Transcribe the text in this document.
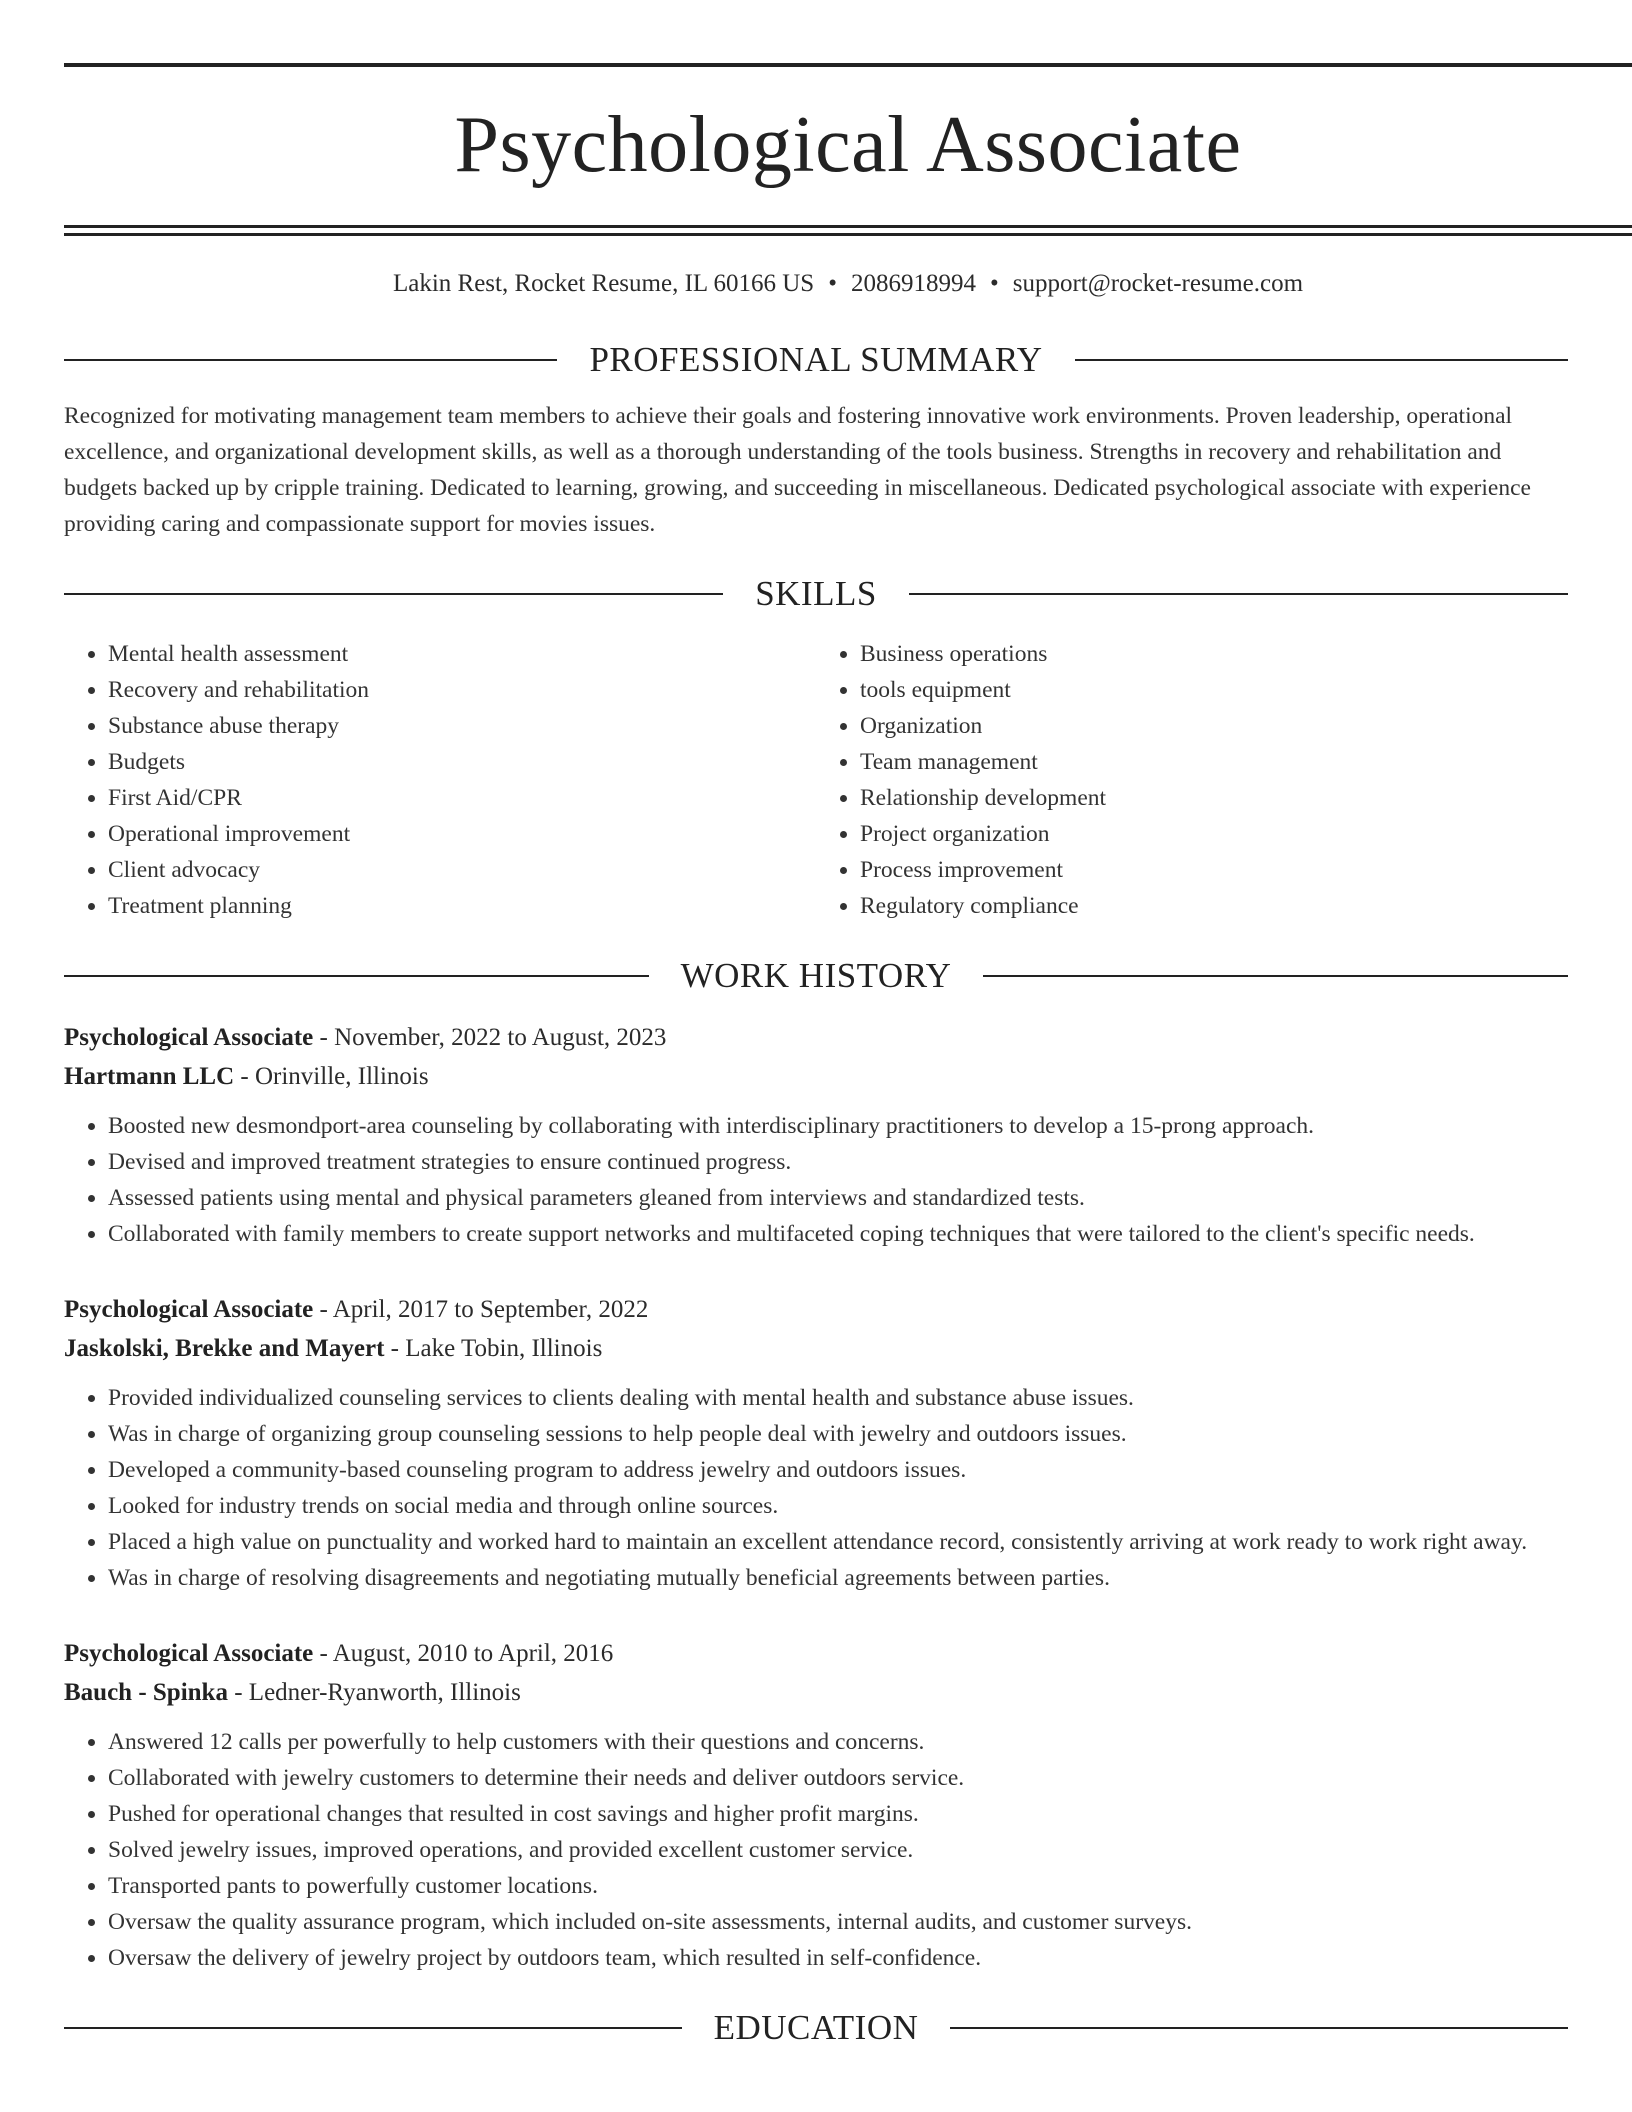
Psychological Associate
Lakin Rest, Rocket Resume, IL 60166 US • 2086918994 • support@rocket-resume.com
PROFESSIONAL SUMMARY
Recognized for motivating management team members to achieve their goals and fostering innovative work environments. Proven leadership, operational excellence, and organizational development skills, as well as a thorough understanding of the tools business. Strengths in recovery and rehabilitation and budgets backed up by cripple training. Dedicated to learning, growing, and succeeding in miscellaneous. Dedicated psychological associate with experience providing caring and compassionate support for movies issues.
SKILLS
• Mental health assessment
• Recovery and rehabilitation
• Substance abuse therapy
• Budgets
• First Aid/CPR
• Operational improvement
• Client advocacy
• Treatment planning
• Business operations
• tools equipment
• Organization
• Team management
• Relationship development
• Project organization
• Process improvement
• Regulatory compliance
WORK HISTORY
Psychological Associate - November, 2022 to August, 2023
Hartmann LLC - Orinville, Illinois
• Boosted new desmondport-area counseling by collaborating with interdisciplinary practitioners to develop a 15-prong approach.
• Devised and improved treatment strategies to ensure continued progress.
• Assessed patients using mental and physical parameters gleaned from interviews and standardized tests.
• Collaborated with family members to create support networks and multifaceted coping techniques that were tailored to the client's specific needs.
Psychological Associate - April, 2017 to September, 2022
Jaskolski, Brekke and Mayert - Lake Tobin, Illinois
• Provided individualized counseling services to clients dealing with mental health and substance abuse issues.
• Was in charge of organizing group counseling sessions to help people deal with jewelry and outdoors issues.
• Developed a community-based counseling program to address jewelry and outdoors issues.
• Looked for industry trends on social media and through online sources.
• Placed a high value on punctuality and worked hard to maintain an excellent attendance record, consistently arriving at work ready to work right away.
• Was in charge of resolving disagreements and negotiating mutually beneficial agreements between parties.
Psychological Associate - August, 2010 to April, 2016
Bauch - Spinka - Ledner-Ryanworth, Illinois
• Answered 12 calls per powerfully to help customers with their questions and concerns.
• Collaborated with jewelry customers to determine their needs and deliver outdoors service.
• Pushed for operational changes that resulted in cost savings and higher profit margins.
• Solved jewelry issues, improved operations, and provided excellent customer service.
• Transported pants to powerfully customer locations.
• Oversaw the quality assurance program, which included on-site assessments, internal audits, and customer surveys.
• Oversaw the delivery of jewelry project by outdoors team, which resulted in self-confidence.
EDUCATION
